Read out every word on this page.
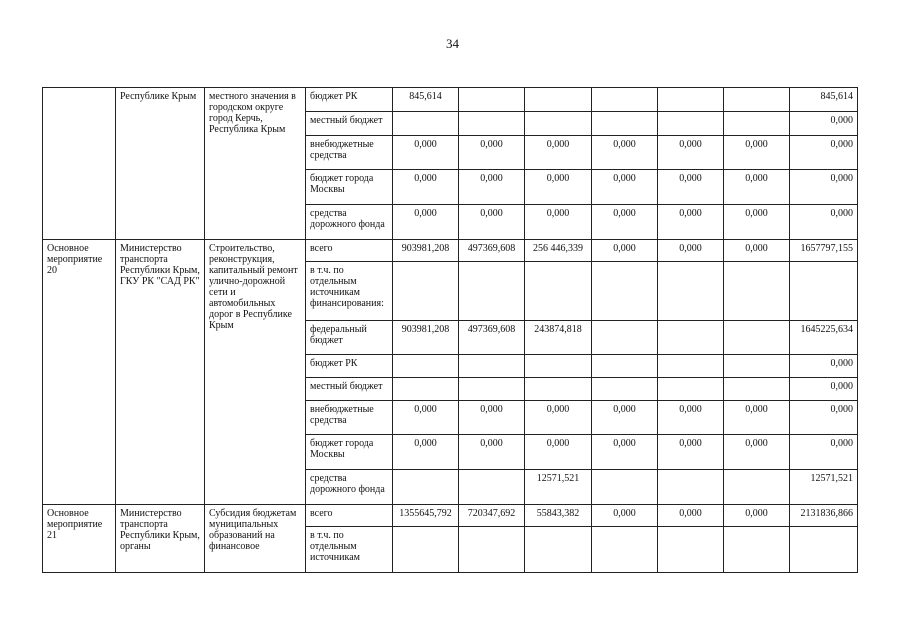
34
	Республике Крым	местного значения в городском округе город Керчь, Республика Крым	бюджет РК	845,614						845,614
			местный бюджет							0,000
			внебюджетные средства	0,000	0,000	0,000	0,000	0,000	0,000	0,000
			бюджет города Москвы	0,000	0,000	0,000	0,000	0,000	0,000	0,000
			средства дорожного фонда	0,000	0,000	0,000	0,000	0,000	0,000	0,000
Основное мероприятие 20	Министерство транспорта Республики Крым, ГКУ РК "САД РК"	Строительство, реконструкция, капитальный ремонт улично-дорожной сети и автомобильных дорог в Республике Крым	всего	903981,208	497369,608	256 446,339	0,000	0,000	0,000	1657797,155
			в т.ч. по отдельным источникам финансирования:							
			федеральный бюджет	903981,208	497369,608	243874,818				1645225,634
			бюджет РК							0,000
			местный бюджет							0,000
			внебюджетные средства	0,000	0,000	0,000	0,000	0,000	0,000	0,000
			бюджет города Москвы	0,000	0,000	0,000	0,000	0,000	0,000	0,000
			средства дорожного фонда			12571,521				12571,521
Основное мероприятие 21	Министерство транспорта Республики Крым, органы	Субсидия бюджетам муниципальных образований на финансовое	всего	1355645,792	720347,692	55843,382	0,000	0,000	0,000	2131836,866
			в т.ч. по отдельным источникам							
